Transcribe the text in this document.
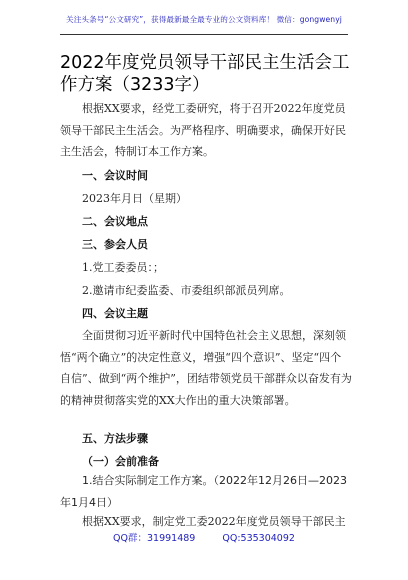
关注头条号“公文研究”，获得最新最全最专业的公文资料库！ 微信：gongwenyj
2022年度党员领导干部民主生活会工作方案（3233字）
根据XX要求，经党工委研究，将于召开2022年度党员领导干部民主生活会。为严格程序、明确要求，确保开好民主生活会，特制订本工作方案。
一、会议时间
2023年月日（星期）
二、会议地点
三、参会人员
1.党工委委员：；
2.邀请市纪委监委、市委组织部派员列席。
四、会议主题
全面贯彻习近平新时代中国特色社会主义思想，深刻领悟“两个确立”的决定性意义，增强“四个意识”、坚定“四个自信”、做到“两个维护”，团结带领党员干部群众以奋发有为的精神贯彻落实党的XX大作出的重大决策部署。
五、方法步骤
（一）会前准备
1.结合实际制定工作方案。（2022年12月26日—2023年1月4日）
根据XX要求，制定党工委2022年度党员领导干部民主
QQ群：31991489	QQ:535304092
